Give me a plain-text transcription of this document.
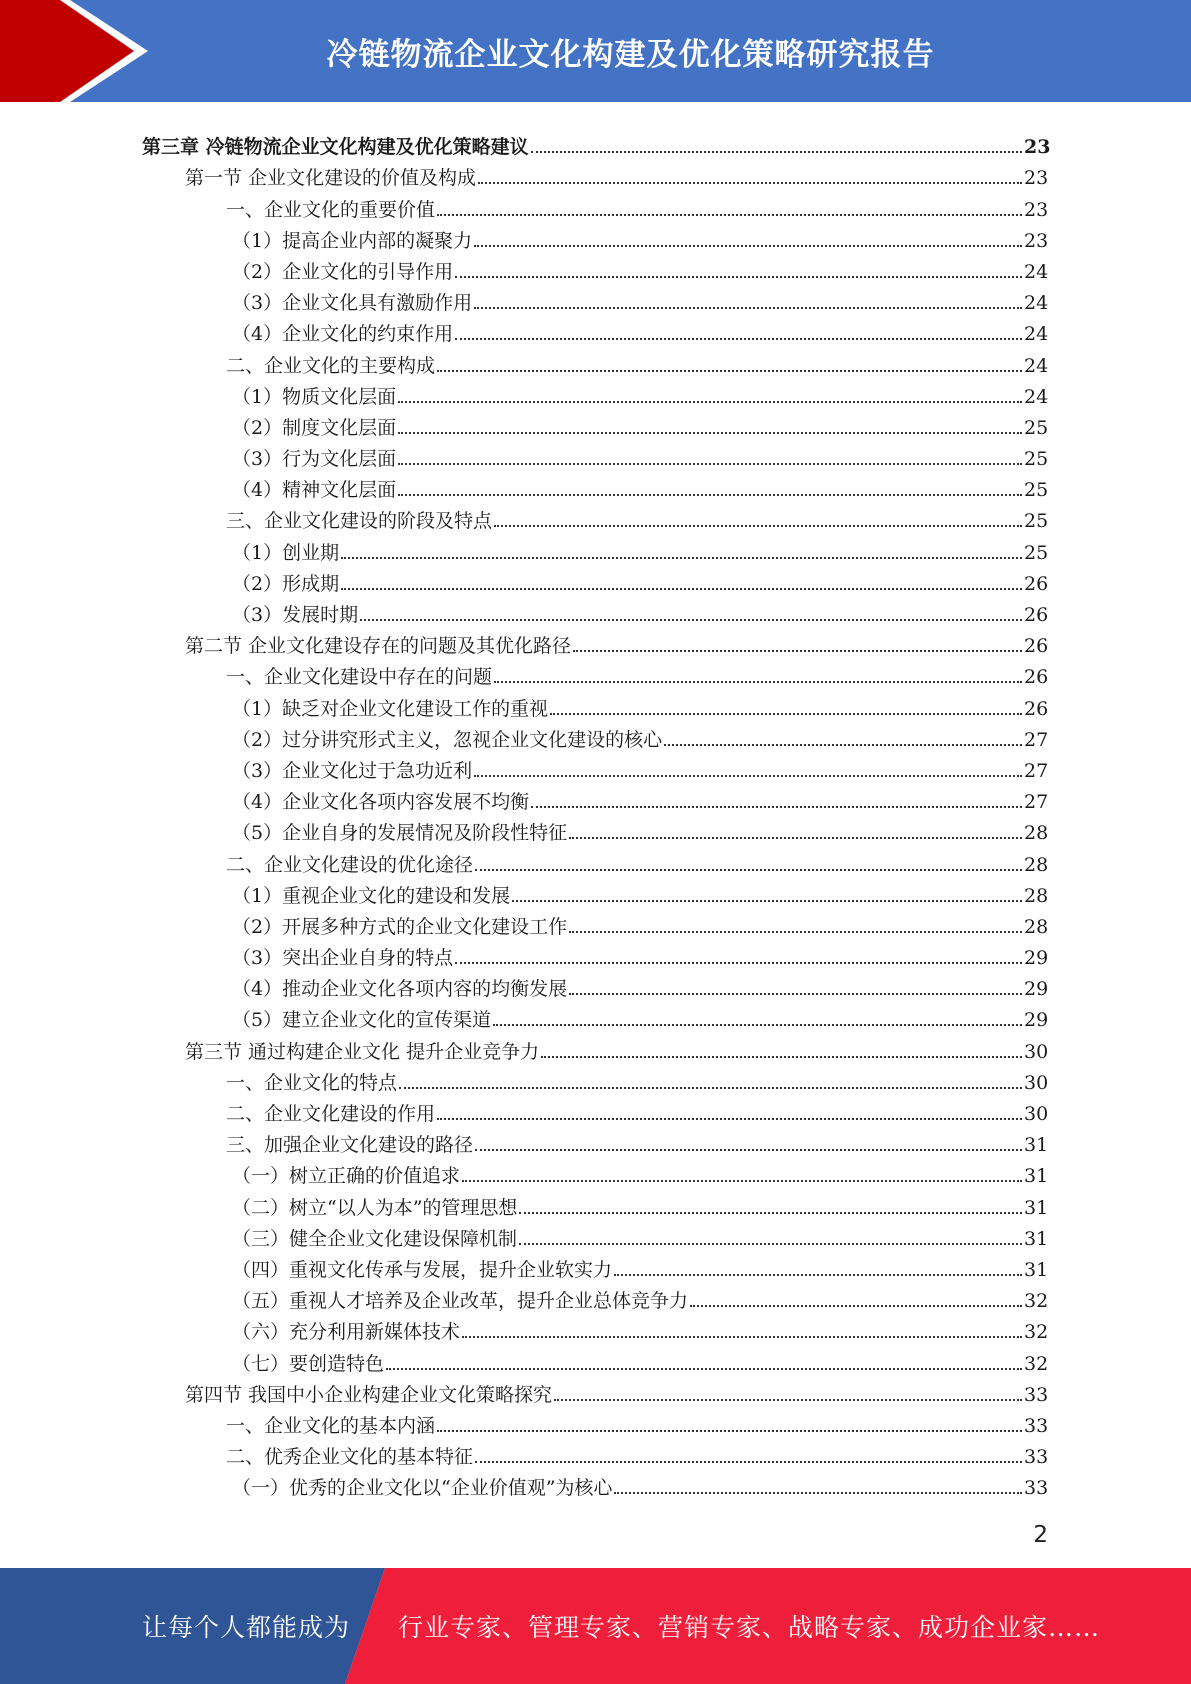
冷链物流企业文化构建及优化策略研究报告
第三章 冷链物流企业文化构建及优化策略建议	23
第一节 企业文化建设的价值及构成	23
一、企业文化的重要价值	23
（1）提高企业内部的凝聚力	23
（2）企业文化的引导作用	24
（3）企业文化具有激励作用	24
（4）企业文化的约束作用	24
二、企业文化的主要构成	24
（1）物质文化层面	24
（2）制度文化层面	25
（3）行为文化层面	25
（4）精神文化层面	25
三、企业文化建设的阶段及特点	25
（1）创业期	25
（2）形成期	26
（3）发展时期	26
第二节 企业文化建设存在的问题及其优化路径	26
一、企业文化建设中存在的问题	26
（1）缺乏对企业文化建设工作的重视	26
（2）过分讲究形式主义，忽视企业文化建设的核心	27
（3）企业文化过于急功近利	27
（4）企业文化各项内容发展不均衡	27
（5）企业自身的发展情况及阶段性特征	28
二、企业文化建设的优化途径	28
（1）重视企业文化的建设和发展	28
（2）开展多种方式的企业文化建设工作	28
（3）突出企业自身的特点	29
（4）推动企业文化各项内容的均衡发展	29
（5）建立企业文化的宣传渠道	29
第三节 通过构建企业文化 提升企业竞争力	30
一、企业文化的特点	30
二、企业文化建设的作用	30
三、加强企业文化建设的路径	31
（一）树立正确的价值追求	31
（二）树立“以人为本”的管理思想	31
（三）健全企业文化建设保障机制	31
（四）重视文化传承与发展，提升企业软实力	31
（五）重视人才培养及企业改革，提升企业总体竞争力	32
（六）充分利用新媒体技术	32
（七）要创造特色	32
第四节 我国中小企业构建企业文化策略探究	33
一、企业文化的基本内涵	33
二、优秀企业文化的基本特征	33
（一）优秀的企业文化以“企业价值观”为核心	33
2
让每个人都能成为 行业专家、管理专家、营销专家、战略专家、成功企业家……
